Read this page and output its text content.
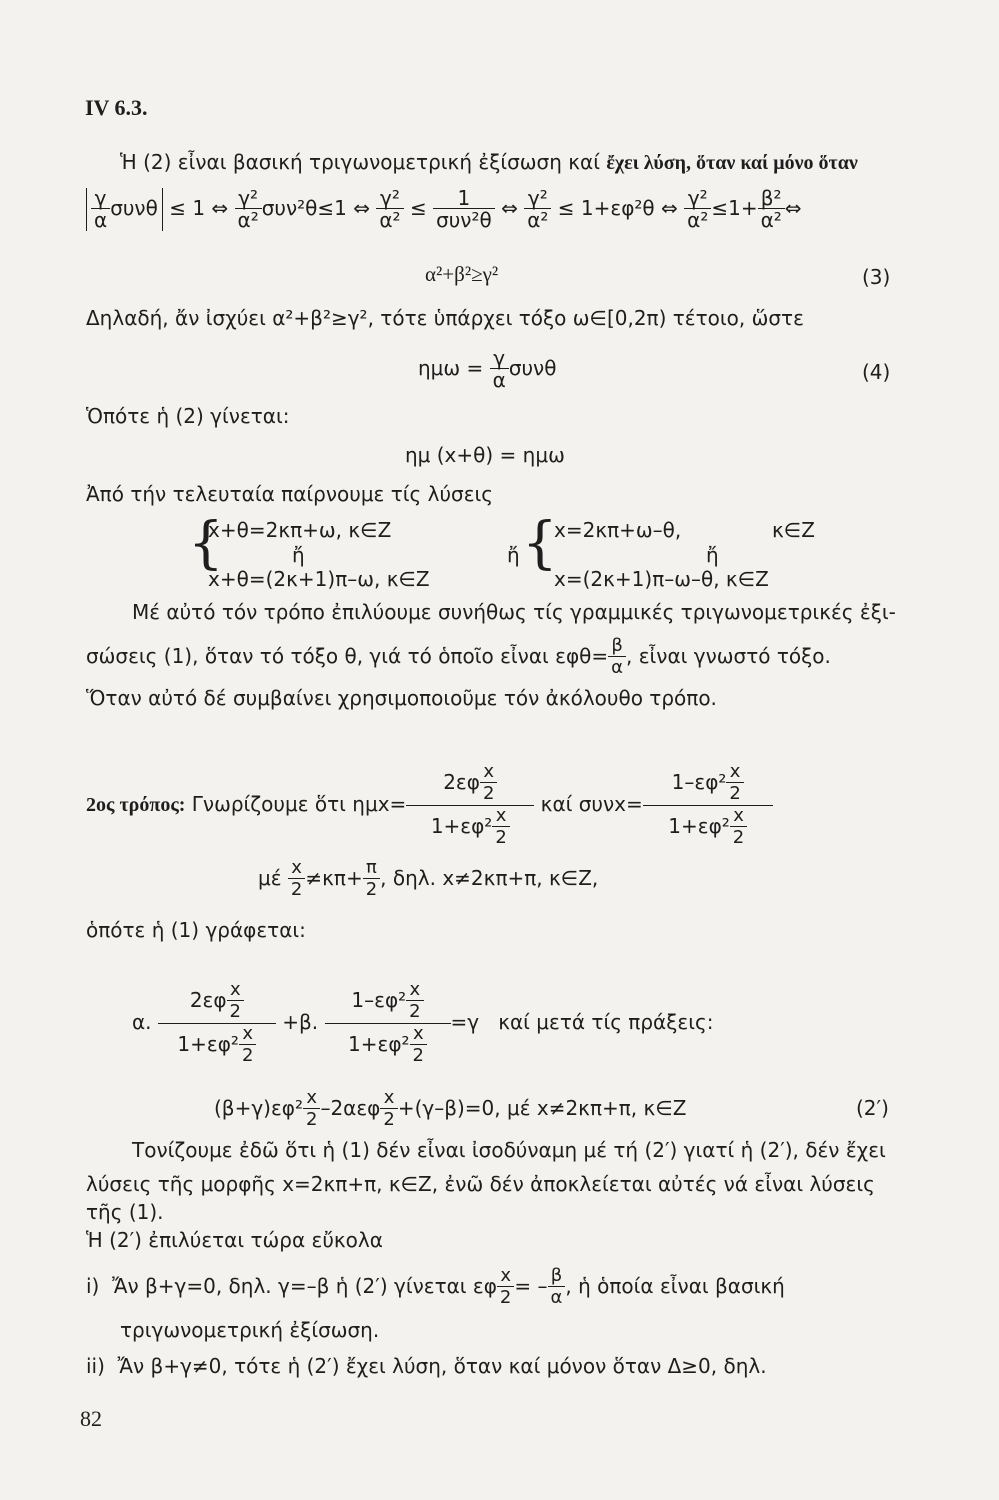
IV 6.3.
Ἡ (2) εἶναι βασική τριγωνομετρική ἐξίσωση καί ἔχει λύση, ὅταν καί μόνο ὅταν
$\frac{\gamma}{\alpha}$ συνθ ≤ 1 ⇔ $\frac{\text{γ²}}{\text{α²}} \sigma\upsilon\nu^2\theta\le 1$ ⇔ $\frac{\text{γ²}}{\text{α²}} \le \frac{1}{\text{συν²θ}}$ ⇔ $\frac{\text{γ²}}{\text{α²}} \le 1+\varepsilon\varphi^2\theta$ ⇔ $\frac{\text{γ²}}{\text{α²}} \le 1+ \frac{\text{β²}}{\text{α²}}$ ⇔
α²+β²≥γ²	(3)
Δηλαδή, ἄν ἰσχύει α²+β²≥γ², τότε ὑπάρχει τόξο ω∈[0,2π) τέτοιο, ὥστε
$\eta\mu\omega = \frac{\gamma}{\alpha}$ συνθ	(4)
Ὁπότε ἡ (2) γίνεται:
ημ (x+θ) = ημω
Ἀπό τήν τελευταία παίρνουμε τίς λύσεις
{
x+θ=2κπ+ω, κ∈Z
ἤ
x+θ=(2κ+1)π–ω, κ∈Z
ἤ {
x=2κπ+ω–θ,	κ∈Z
ἤ
x=(2κ+1)π–ω–θ, κ∈Z
Μέ αὐτό τόν τρόπο ἐπιλύουμε συνήθως τίς γραμμικές τριγωνομετρικές ἐξι-
σώσεις (1), ὅταν τό τόξο θ, γιά τό ὁποῖο εἶναι $\varepsilon\varphi\theta= \frac{\beta}{\alpha}$ , εἶναι γνωστό τόξο.
Ὅταν αὐτό δέ συμβαίνει χρησιμοποιοῦμε τόν ἀκόλουθο τρόπο.
2ος τρόπος: Γνωρίζουμε ὅτι $\eta\mu x= \frac{2\varepsilon\varphi \frac{x}{2}}{1+\varepsilon\varphi^2 \frac{x}{2}}$ καί $\sigma\upsilon\nu x= \frac{1-\varepsilon\varphi^2 \frac{x}{2}}{1+\varepsilon\varphi^2 \frac{x}{2}}$
μέ $\frac{x}{2} \ne\kappa\pi+ \frac{\pi}{2}$ , δηλ. x≠2κπ+π, κ∈Z,
ὁπότε ἡ (1) γράφεται:
α. $\frac{2\varepsilon\varphi \frac{x}{2}}{1+\varepsilon\varphi^2 \frac{x}{2}} +\beta$. $\frac{1-\varepsilon\varphi^2 \frac{x}{2}}{1+\varepsilon\varphi^2 \frac{x}{2}} =\gamma$ καί μετά τίς πράξεις:
$(\beta+\gamma)\varepsilon\varphi^2 \frac{x}{2} -2\alpha\varepsilon\varphi \frac{x}{2} +(\gamma-\beta)=0$, μέ x≠2κπ+π, κ∈Z	(2′)
Τονίζουμε ἐδῶ ὅτι ἡ (1) δέν εἶναι ἰσοδύναμη μέ τή (2′) γιατί ἡ (2′), δέν ἔχει
λύσεις τῆς μορφῆς x=2κπ+π, κ∈Z, ἐνῶ δέν ἀποκλείεται αὐτές νά εἶναι λύσεις
τῆς (1).
Ἡ (2′) ἐπιλύεται τώρα εὔκολα
i) Ἄν β+γ=0, δηλ. γ=–β ἡ (2′) γίνεται εφ $\frac{x}{2}$ = – $\frac{\beta}{\alpha}$ , ἡ ὁποία εἶναι βασική
τριγωνομετρική ἐξίσωση.
ii) Ἄν β+γ≠0, τότε ἡ (2′) ἔχει λύση, ὅταν καί μόνον ὅταν Δ≥0, δηλ.
82
